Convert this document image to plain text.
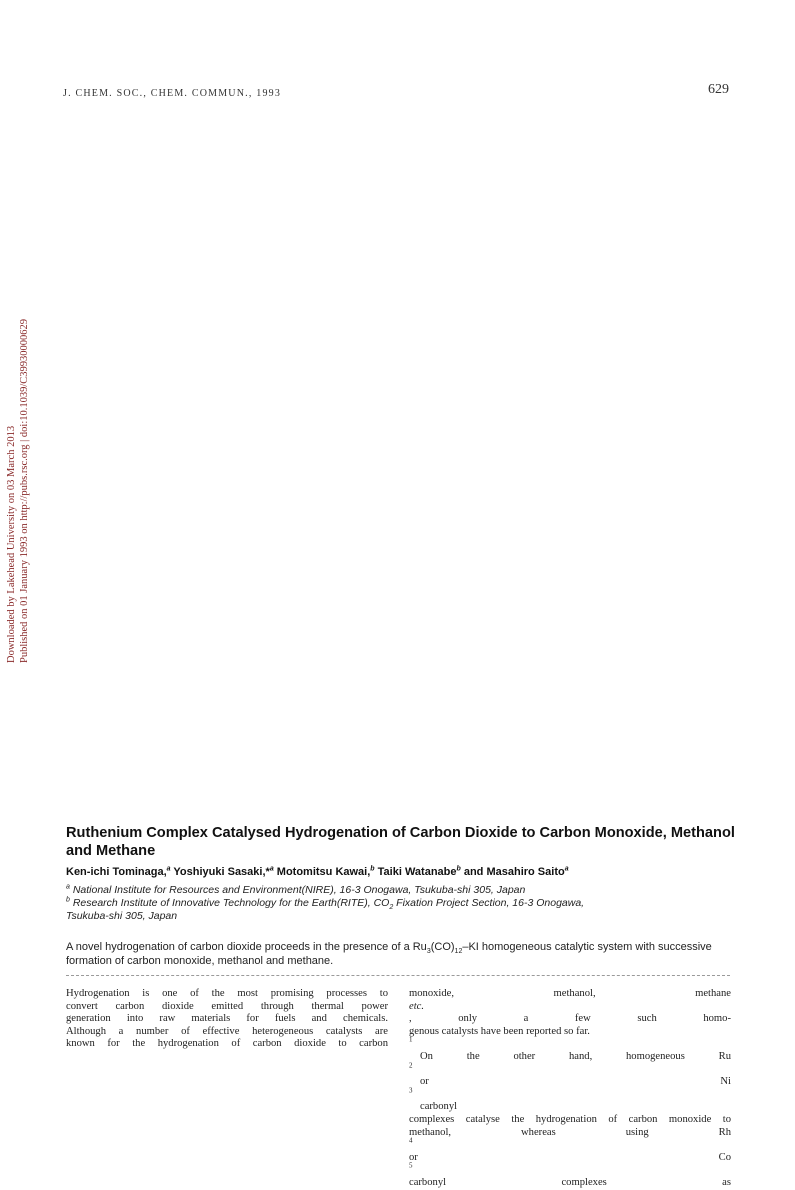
J. CHEM. SOC., CHEM. COMMUN., 1993	629
Downloaded by Lakehead University on 03 March 2013 Published on 01 January 1993 on http://pubs.rsc.org | doi:10.1039/C39930000629
Ruthenium Complex Catalysed Hydrogenation of Carbon Dioxide to Carbon Monoxide, Methanol and Methane
Ken-ichi Tominaga,$^a$ Yoshiyuki Sasaki,*$^a$ Motomitsu Kawai,$^b$ Taiki Watanabe$^b$ and Masahiro Saito$^a$
$^a$ National Institute for Resources and Environment(NIRE), 16-3 Onogawa, Tsukuba-shi 305, Japan
$^b$ Research Institute of Innovative Technology for the Earth(RITE), $CO_2$ Fixation Project Section, 16-3 Onogawa,
Tsukuba-shi 305, Japan
A novel hydrogenation of carbon dioxide proceeds in the presence of a $Ru_3(CO)_{12}-KI$ homogeneous catalytic system with successive formation of carbon monoxide, methanol and methane.
Hydrogenation is one of the most promising processes to
convert carbon dioxide emitted through thermal power
generation into raw materials for fuels and chemicals.
Although a number of effective heterogeneous catalysts are
known for the hydrogenation of carbon dioxide to carbon
monoxide, methanol, methane
etc.
, only a few such homo-
genous catalysts have been reported so far.
$^1$
On the other hand, homogeneous Ru
$^2$
or Ni
$^3$
carbonyl
complexes catalyse the hydrogenation of carbon monoxide to
methanol, whereas using Rh
$^4$
or Co
$^5$
carbonyl complexes as
